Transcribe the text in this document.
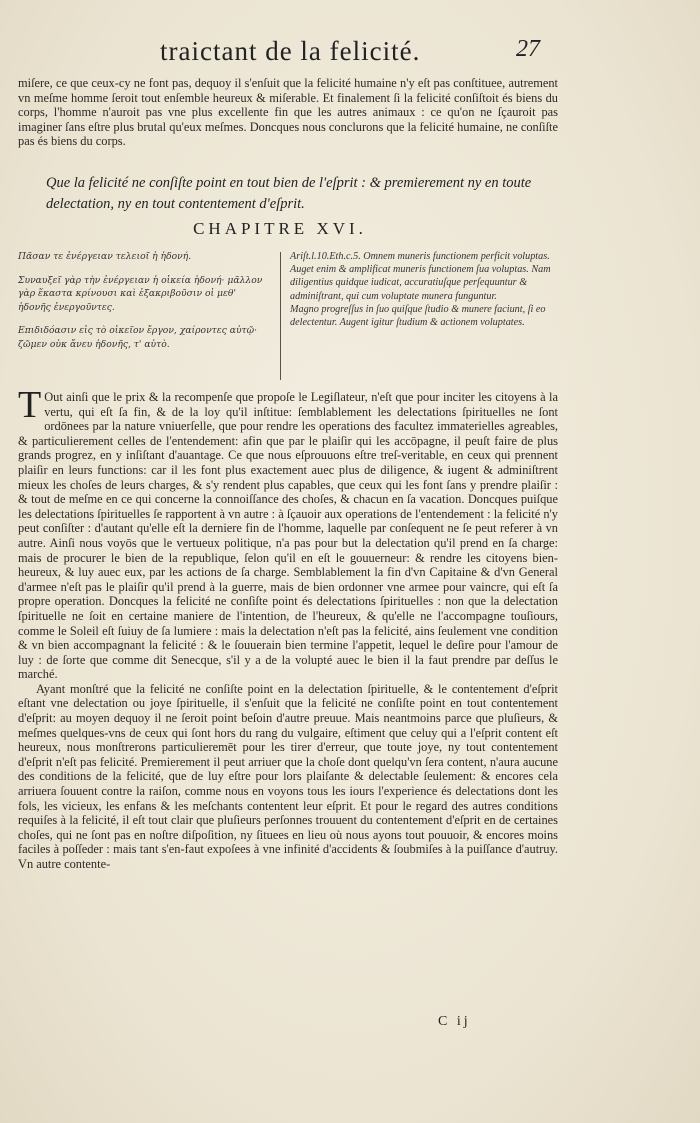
traictant de la felicité.	27

miſere, ce que ceux-cy ne font pas, dequoy il s'enſuit que la felicité humaine n'y eſt pas conſtituee, autrement vn meſme homme ſeroit tout enſemble heureux & miſerable. Et finalement ſi la felicité conſiſtoit és biens du corps, l'homme n'auroit pas vne plus excellente fin que les autres animaux : ce qu'on ne ſçauroit pas imaginer ſans eſtre plus brutal qu'eux meſmes. Doncques nous conclurons que la felicité humaine, ne conſiſte pas és biens du corps.

Que la felicité ne conſiſte point en tout bien de l'eſprit : & premierement ny en toute delectation, ny en tout contentement d'eſprit.
CHAPITRE XVI.

Πᾶσαν τε ἐνέργειαν τελειοῖ ἡ ἡδονή.

Συναυξεῖ γὰρ τὴν ἐνέργειαν ἡ οἰκεία ἡδονή· μᾶλλον γὰρ ἕκαστα κρίνουσι καὶ ἐξακριβοῦσιν οἱ μεθ' ἡδονῆς ἐνεργοῦντες.

Επιδιδόασιν εἰς τὸ οἰκεῖον ἔργον, χαίροντες αὐτῷ· ζῶμεν οὐκ ἄνευ ἡδονῆς, τ' αὐτὸ.

Ariſt.l.10.Eth.c.5. Omnem muneris functionem perficit voluptas.

Auget enim & amplificat muneris functionem ſua voluptas. Nam diligentius quidque iudicat, accuratiuſque perſequuntur & adminiſtrant, qui cum voluptate munera funguntur.

Magno progreſſus in ſuo quiſque ſtudio & munere faciunt, ſi eo delectentur. Augent igitur ſtudium & actionem voluptates.

T Out ainſi que le prix & la recompenſe que propoſe le Legiſlateur, n'eſt que pour inciter les citoyens à la vertu, qui eſt ſa fin, & de la loy qu'il inſtitue: ſemblablement les delectations ſpirituelles ne ſont ordōnees par la nature vniuerſelle, que pour rendre les operations des facultez immaterielles agreables, & particulierement celles de l'entendement: afin que par le plaiſir qui les accōpagne, il peuſt faire de plus grands progrez, en y inſiſtant d'auantage. Ce que nous eſprouuons eſtre treſ-veritable, en ceux qui prennent plaiſir en leurs functions: car il les font plus exactement auec plus de diligence, & iugent & adminiſtrent mieux les choſes de leurs charges, & s'y rendent plus capables, que ceux qui les font ſans y prendre plaiſir : & tout de meſme en ce qui concerne la connoiſſance des choſes, & chacun en ſa vacation. Doncques puiſque les delectations ſpirituelles ſe rapportent à vn autre : à ſçauoir aux operations de l'entendement : la felicité n'y peut conſiſter : d'autant qu'elle eſt la derniere fin de l'homme, laquelle par conſequent ne ſe peut referer à vn autre. Ainſi nous voyōs que le vertueux politique, n'a pas pour but la delectation qu'il prend en ſa charge: mais de procurer le bien de la republique, ſelon qu'il en eſt le gouuerneur: & rendre les citoyens bien-heureux, & luy auec eux, par les actions de ſa charge. Semblablement la fin d'vn Capitaine & d'vn General d'armee n'eſt pas le plaiſir qu'il prend à la guerre, mais de bien ordonner vne armee pour vaincre, qui eſt ſa propre operation. Doncques la felicité ne conſiſte point és delectations ſpirituelles : non que la delectation ſpirituelle ne ſoit en certaine maniere de l'intention, de l'heureux, & qu'elle ne l'accompagne touſiours, comme le Soleil eſt ſuiuy de ſa lumiere : mais la delectation n'eſt pas la felicité, ains ſeulement vne condition & vn bien accompagnant la felicité : & le ſouuerain bien termine l'appetit, lequel le deſire pour l'amour de luy : de ſorte que comme dit Senecque, s'il y a de la volupté auec le bien il la faut prendre par deſſus le marché.

Ayant monſtré que la felicité ne conſiſte point en la delectation ſpirituelle, & le contentement d'eſprit eſtant vne delectation ou joye ſpirituelle, il s'enſuit que la felicité ne conſiſte point en tout contentement d'eſprit: au moyen dequoy il ne ſeroit point beſoin d'autre preuue. Mais neantmoins parce que pluſieurs, & meſmes quelques-vns de ceux qui ſont hors du rang du vulgaire, eſtiment que celuy qui a l'eſprit content eſt heureux, nous monſtrerons particulieremēt pour les tirer d'erreur, que toute joye, ny tout contentement d'eſprit n'eſt pas felicité. Premierement il peut arriuer que la choſe dont quelqu'vn ſera content, n'aura aucune des conditions de la felicité, que de luy eſtre pour lors plaiſante & delectable ſeulement: & encores cela arriuera ſouuent contre la raiſon, comme nous en voyons tous les iours l'experience és delectations dont les fols, les vicieux, les enfans & les meſchants contentent leur eſprit. Et pour le regard des autres conditions requiſes à la felicité, il eſt tout clair que pluſieurs perſonnes trouuent du contentement d'eſprit en de certaines choſes, qui ne ſont pas en noſtre diſpoſition, ny ſituees en lieu où nous ayons tout pouuoir, & encores moins faciles à poſſeder : mais tant s'en-faut expoſees à vne infinité d'accidents & ſoubmiſes à la puiſſance d'autruy. Vn autre contente-

C ij
